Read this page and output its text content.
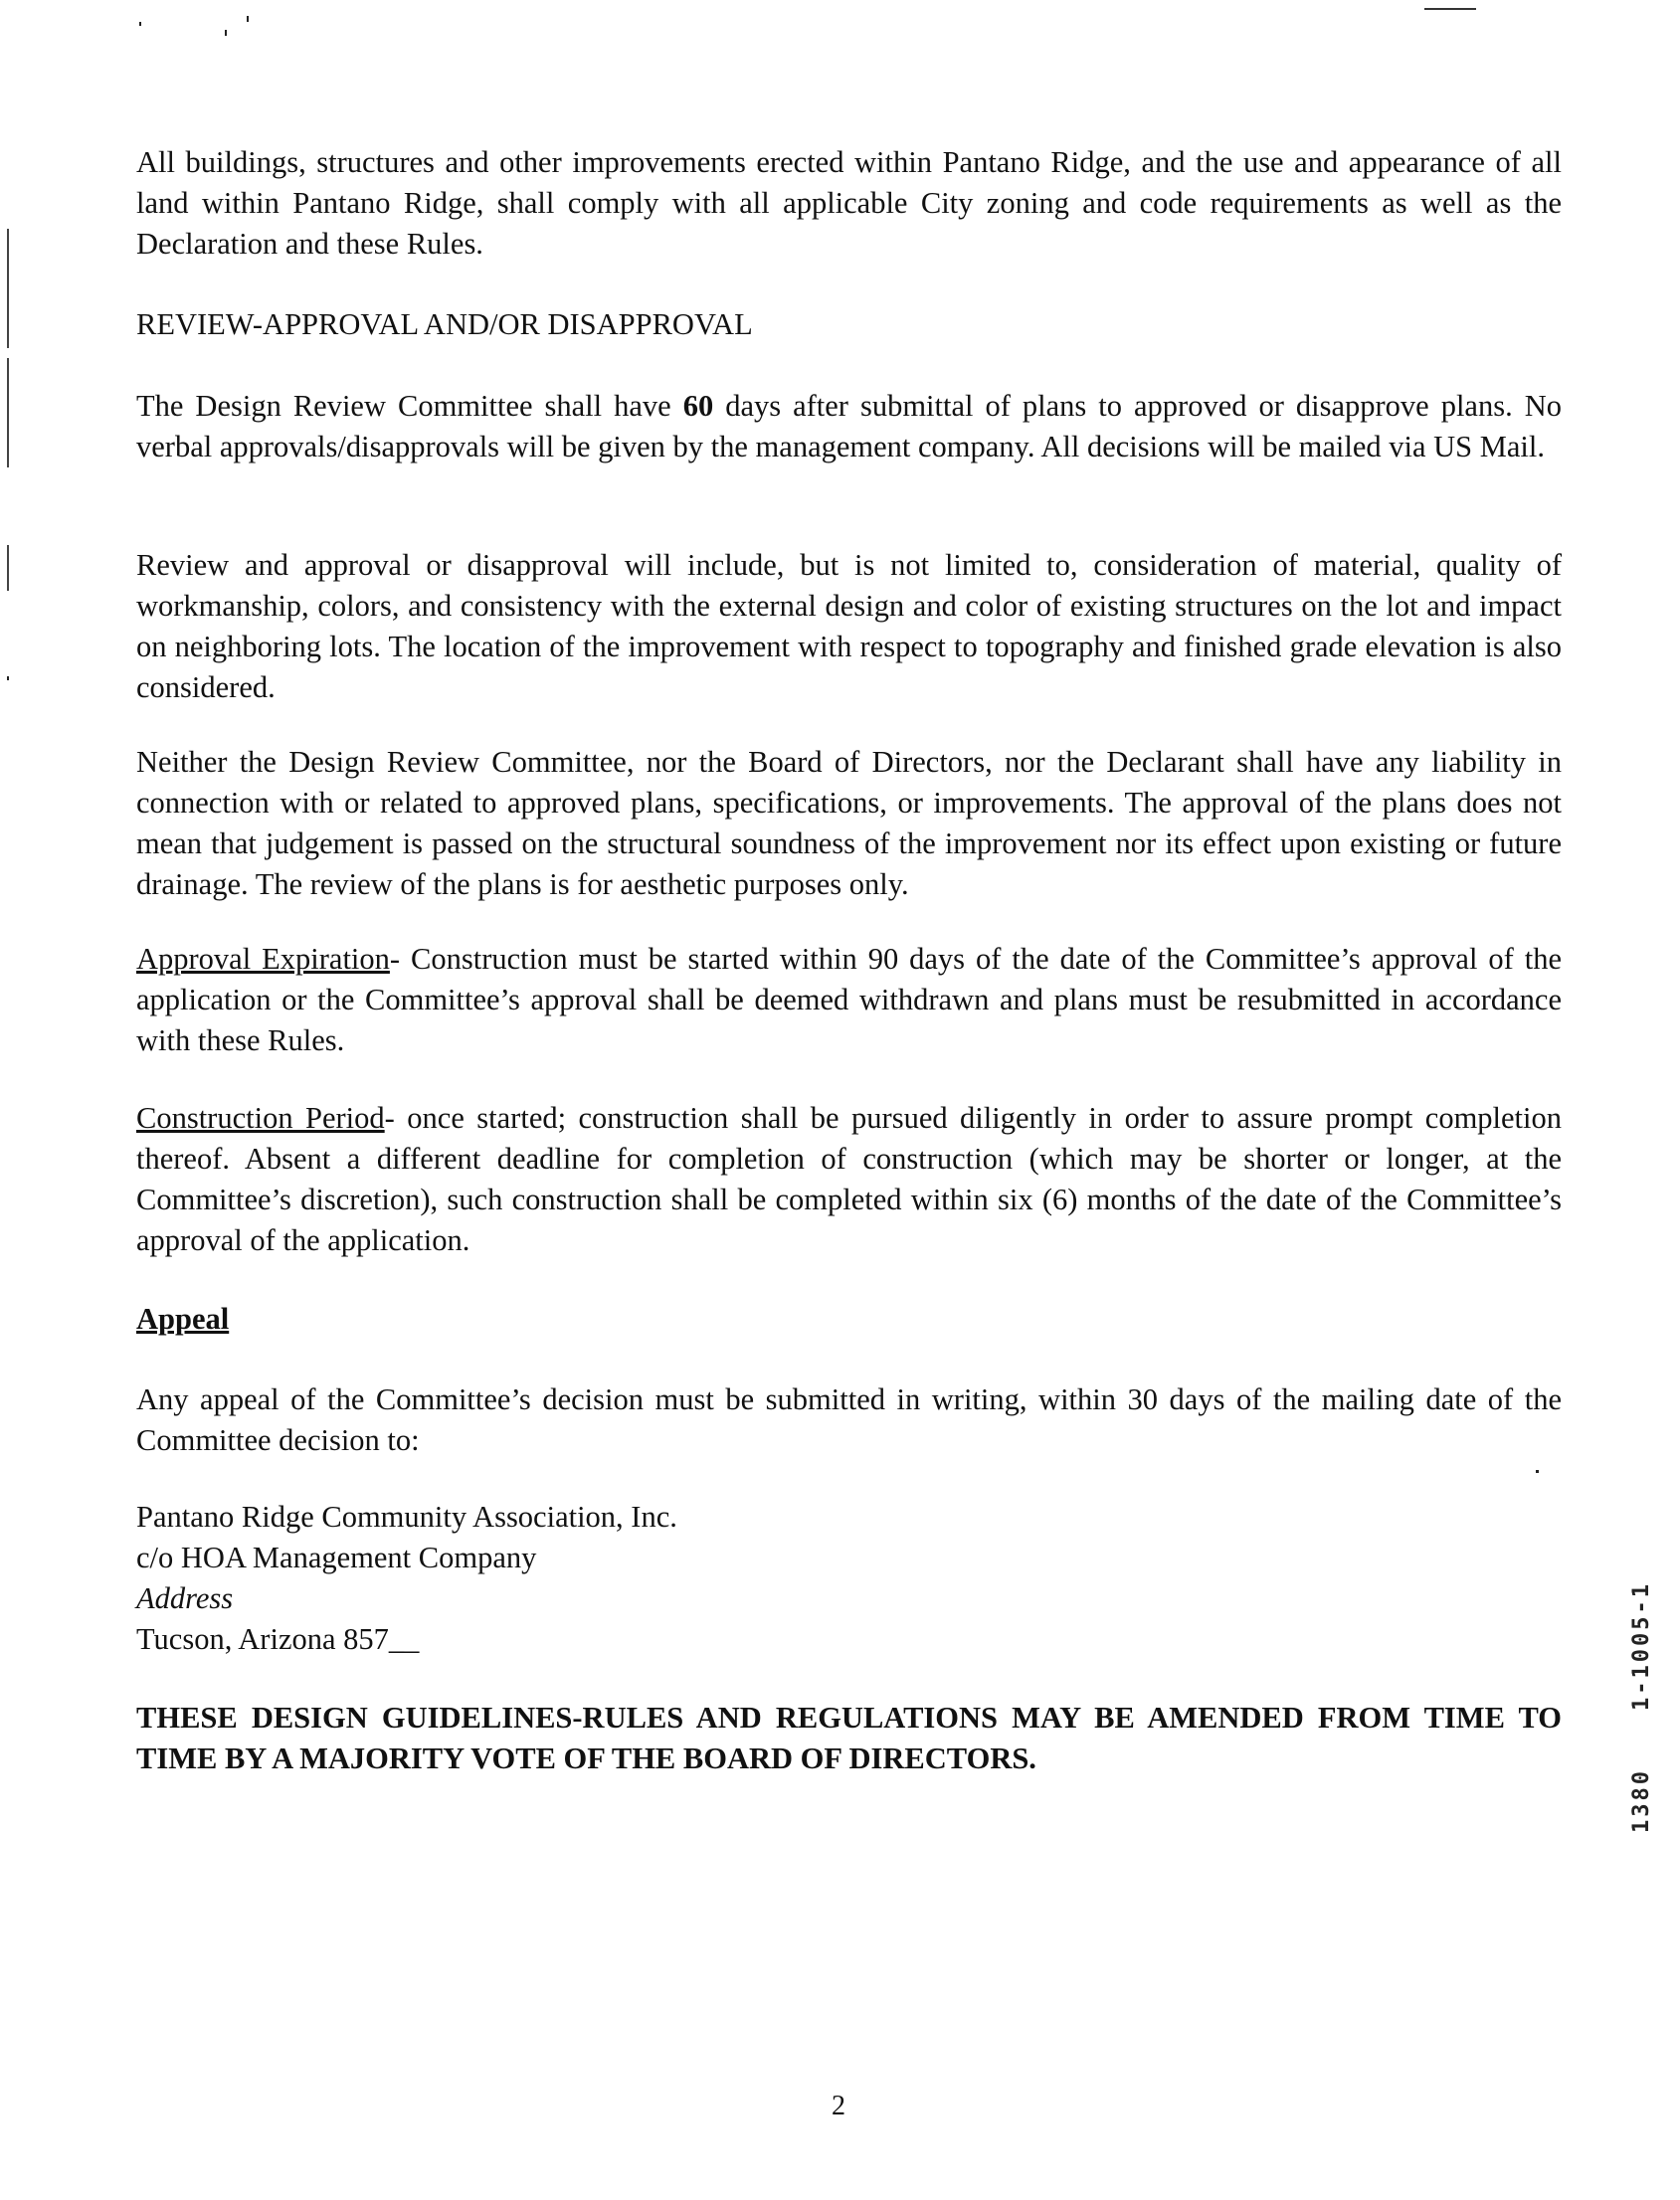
All buildings, structures and other improvements erected within Pantano Ridge, and the use and appearance of all land within Pantano Ridge, shall comply with all applicable City zoning and code requirements as well as the Declaration and these Rules.
REVIEW-APPROVAL AND/OR DISAPPROVAL
The Design Review Committee shall have 60 days after submittal of plans to approved or disapprove plans. No verbal approvals/disapprovals will be given by the management company. All decisions will be mailed via US Mail.
Review and approval or disapproval will include, but is not limited to, consideration of material, quality of workmanship, colors, and consistency with the external design and color of existing structures on the lot and impact on neighboring lots. The location of the improvement with respect to topography and finished grade elevation is also considered.
Neither the Design Review Committee, nor the Board of Directors, nor the Declarant shall have any liability in connection with or related to approved plans, specifications, or improvements. The approval of the plans does not mean that judgement is passed on the structural soundness of the improvement nor its effect upon existing or future drainage. The review of the plans is for aesthetic purposes only.
Approval Expiration- Construction must be started within 90 days of the date of the Committee’s approval of the application or the Committee’s approval shall be deemed withdrawn and plans must be resubmitted in accordance with these Rules.
Construction Period- once started; construction shall be pursued diligently in order to assure prompt completion thereof. Absent a different deadline for completion of construction (which may be shorter or longer, at the Committee’s discretion), such construction shall be completed within six (6) months of the date of the Committee’s approval of the application.
Appeal
Any appeal of the Committee’s decision must be submitted in writing, within 30 days of the mailing date of the Committee decision to:
Pantano Ridge Community Association, Inc.
c/o HOA Management Company
Address
Tucson, Arizona 857__
THESE DESIGN GUIDELINES-RULES AND REGULATIONS MAY BE AMENDED FROM TIME TO TIME BY A MAJORITY VOTE OF THE BOARD OF DIRECTORS.
1-1005-1
1380
2
